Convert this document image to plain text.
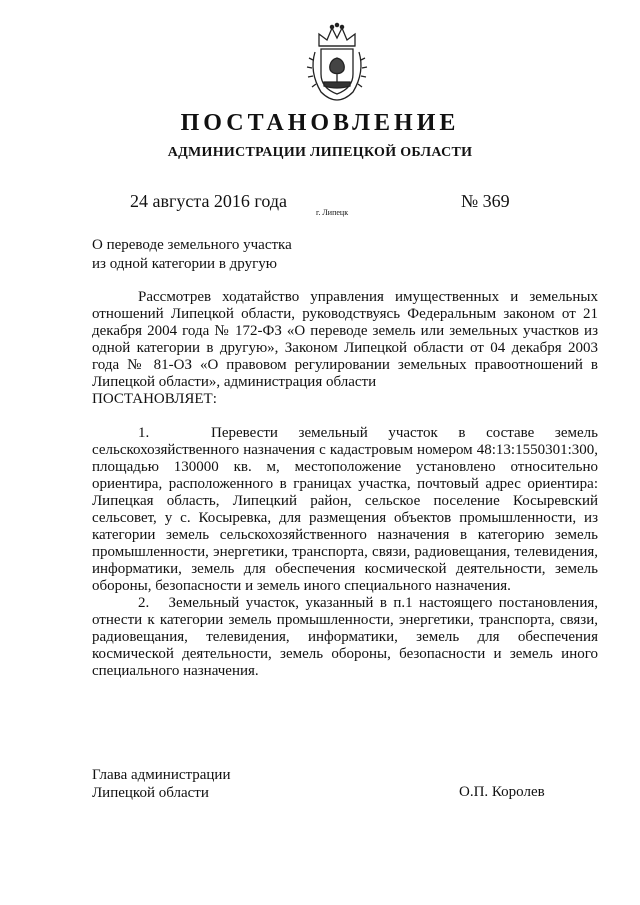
ПОСТАНОВЛЕНИЕ
АДМИНИСТРАЦИИ ЛИПЕЦКОЙ ОБЛАСТИ
24 августа 2016 года
г. Липецк
№ 369
О переводе земельного участка
из одной категории в другую

Рассмотрев ходатайство управления имущественных и земельных отношений Липецкой области, руководствуясь Федеральным законом от 21 декабря 2004 года № 172-ФЗ «О переводе земель или земельных участков из одной категории в другую», Законом Липецкой области от 04 декабря 2003 года № 81-ОЗ «О правовом регулировании земельных правоотношений в Липецкой области», администрация области

ПОСТАНОВЛЯЕТ:

1.   Перевести земельный участок в составе земель сельскохозяйственного назначения с кадастровым номером 48:13:1550301:300, площадью 130000 кв. м, местоположение установлено относительно ориентира, расположенного в границах участка, почтовый адрес ориентира: Липецкая область, Липецкий район, сельское поселение Косыревский сельсовет, у с. Косыревка, для размещения объектов промышленности, из категории земель сельскохозяйственного назначения в категорию земель промышленности, энергетики, транспорта, связи, радиовещания, телевидения, информатики, земель для обеспечения космической деятельности, земель обороны, безопасности и земель иного специального назначения.

2.   Земельный участок, указанный в п.1 настоящего постановления, отнести к категории земель промышленности, энергетики, транспорта, связи, радиовещания, телевидения, информатики, земель для обеспечения космической деятельности, земель обороны, безопасности и земель иного специального назначения.

Глава администрации
Липецкой области	О.П. Королев
